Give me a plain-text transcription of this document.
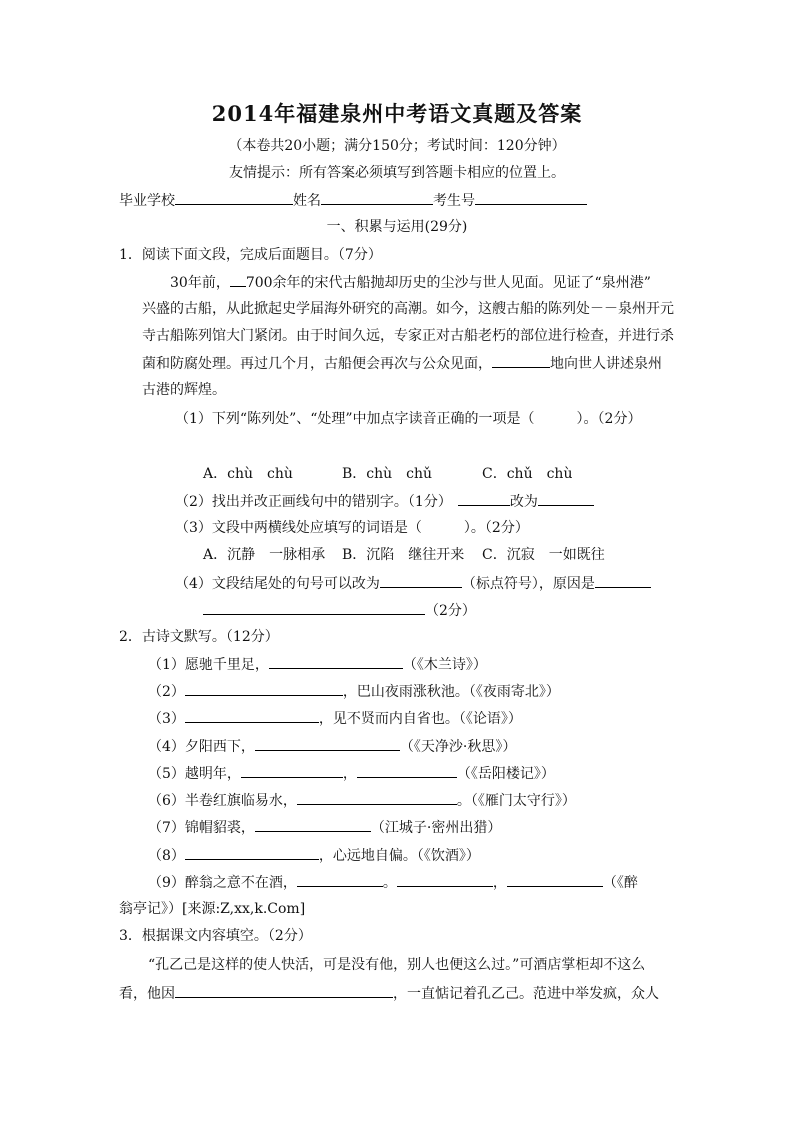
2014年福建泉州中考语文真题及答案
（本卷共20小题；满分150分；考试时间：120分钟）
友情提示：所有答案必须填写到答题卡相应的位置上。
毕业学校	姓名	考生号
一、积累与运用(29分)
1．阅读下面文段，完成后面题目。（7分）
30年前， 700余年的宋代古船抛却历史的尘沙与世人见面。见证了“泉州港”
兴盛的古船，从此掀起史学届海外研究的高潮。如今，这艘古船的陈列处－－泉州开元
寺古船陈列馆大门紧闭。由于时间久远，专家正对古船老朽的部位进行检查，并进行杀
菌和防腐处理。再过几个月，古船便会再次与公众见面，	地向世人讲述泉州
古港的辉煌。
（1）下列“陈列处”、“处理”中加点字读音正确的一项是（　　　）。（2分）
A．chù　chù	B．chù　chǔ	C．chǔ　chù
（2）找出并改正画线句中的错别字。（1分）	改为
（3）文段中两横线处应填写的词语是（　　　）。（2分）
A．沉静　一脉相承 B．沉陷　继往开来 C．沉寂　一如既往
（4）文段结尾处的句号可以改为	（标点符号），原因是
（2分）
2．古诗文默写。（12分）
（1）愿驰千里足，	（《木兰诗》）
（2）	，巴山夜雨涨秋池。（《夜雨寄北》）
（3）	，见不贤而内自省也。（《论语》）
（4）夕阳西下，	（《天净沙·秋思》）
（5）越明年，	，	（《岳阳楼记》）
（6）半卷红旗临易水，	。（《雁门太守行》）
（7）锦帽貂裘，	（江城子·密州出猎）
（8）	，心远地自偏。（《饮酒》）
（9）醉翁之意不在酒，	。	，	（《醉
翁亭记》）[来源:Z,xx,k.Com]
3．根据课文内容填空。（2分）
“孔乙己是这样的使人快活，可是没有他，别人也便这么过。”可酒店掌柜却不这么
看，他因	，一直惦记着孔乙己。范进中举发疯，众人
